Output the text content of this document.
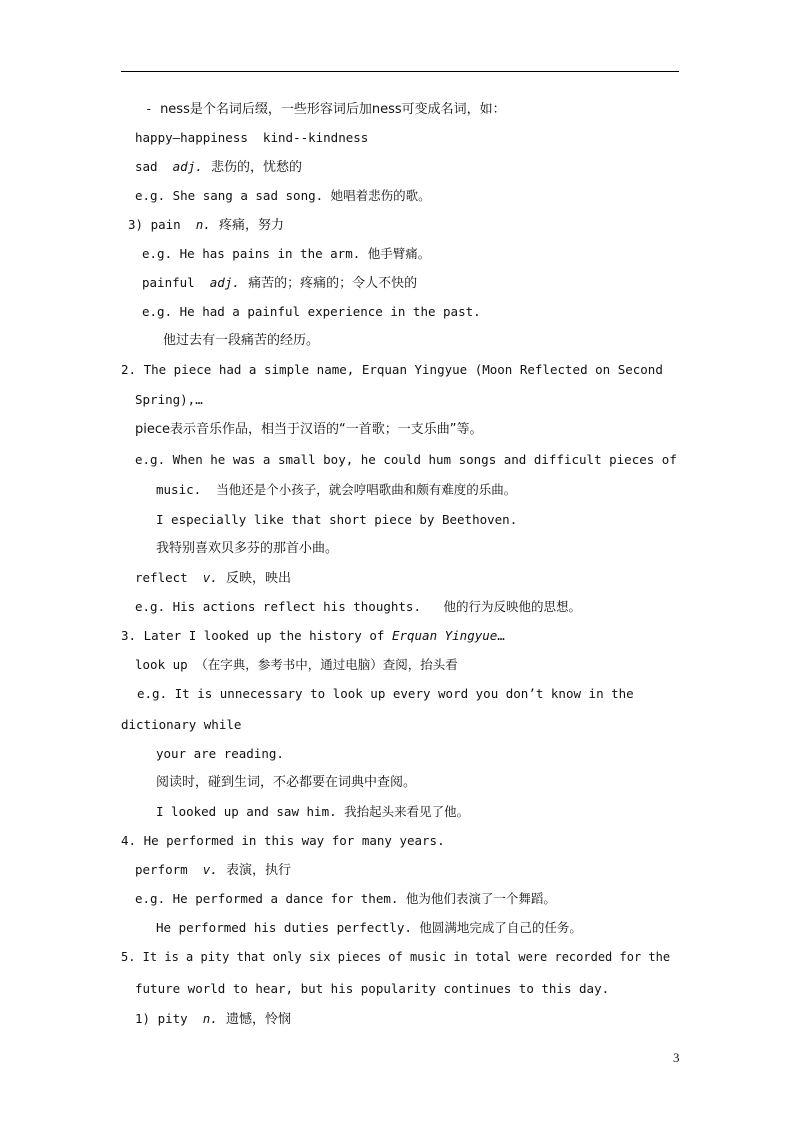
- ness是个名词后缀，一些形容词后加ness可变成名词，如：
happy—happiness  kind--kindness
sad  adj.  悲伤的，忧愁的
e.g. She sang a sad song. 她唱着悲伤的歌。
3) pain  n.  疼痛，努力
e.g. He has pains in the arm. 他手臂痛。
painful  adj.  痛苦的；疼痛的；令人不快的
e.g. He had a painful experience in the past.
他过去有一段痛苦的经历。
2. The piece had a simple name, Erquan Yingyue (Moon Reflected on Second
Spring),…
piece表示音乐作品，相当于汉语的“一首歌；一支乐曲”等。
e.g. When he was a small boy, he could hum songs and difficult pieces of
music.  当他还是个小孩子，就会哼唱歌曲和颇有难度的乐曲。
I especially like that short piece by Beethoven.
我特别喜欢贝多芬的那首小曲。
reflect  v.  反映，映出
e.g. His actions reflect his thoughts.   他的行为反映他的思想。
3. Later I looked up the history of Erquan Yingyue…
look up （在字典，参考书中，通过电脑）查阅，抬头看
e.g. It is unnecessary to look up every word you don’t know in the
dictionary while
your are reading.
阅读时，碰到生词，不必都要在词典中查阅。
I looked up and saw him. 我抬起头来看见了他。
4. He performed in this way for many years.
perform  v.  表演，执行
e.g. He performed a dance for them. 他为他们表演了一个舞蹈。
He performed his duties perfectly. 他圆满地完成了自己的任务。
5. It is a pity that only six pieces of music in total were recorded for the
future world to hear, but his popularity continues to this day.
1) pity  n.  遗憾，怜悯
3
